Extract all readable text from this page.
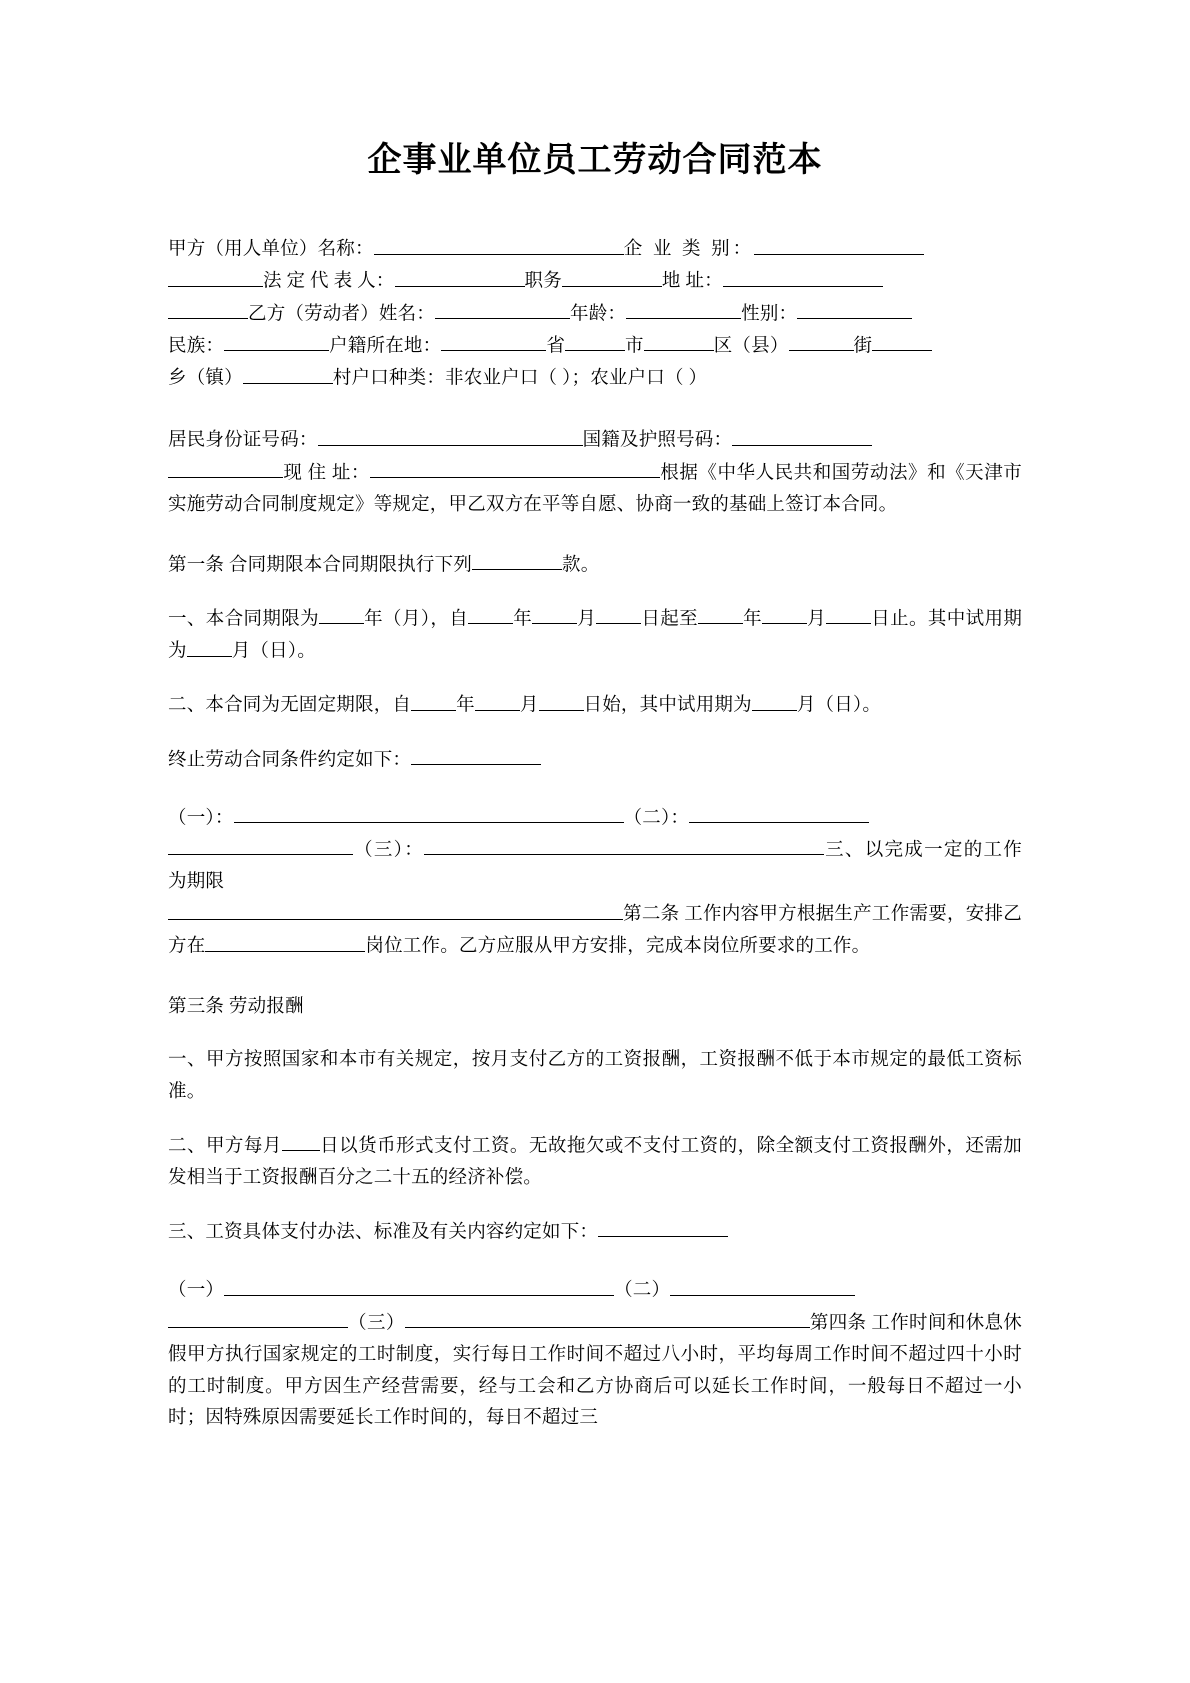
企事业单位员工劳动合同范本
甲方（用人单位）名称：	企 业 类 别：
法 定 代 表 人：	职务	地 址：
乙方（劳动者）姓名：	年龄：	性别：
民族：	户籍所在地：	省	市	区（县）	街
乡（镇）	村户口种类：非农业户口（ ）；农业户口（ ）
居民身份证号码：	国籍及护照号码：
现 住 址：	根据《中华人民共和国劳动法》和《天津市实施劳动合同制度规定》等规定，甲乙双方在平等自愿、协商一致的基础上签订本合同。
第一条 合同期限本合同期限执行下列	款。
一、本合同期限为 年（月），自 年 月 日起至 年 月 日止。其中试用期为 月（日）。
二、本合同为无固定期限，自 年 月 日始，其中试用期为 月（日）。
终止劳动合同条件约定如下：
（一）：	（二）：
（三）：	三、以完成一定的工作为期限
第二条 工作内容甲方根据生产工作需要，安排乙方在	岗位工作。乙方应服从甲方安排，完成本岗位所要求的工作。
第三条 劳动报酬
一、甲方按照国家和本市有关规定，按月支付乙方的工资报酬，工资报酬不低于本市规定的最低工资标准。
二、甲方每月 日以货币形式支付工资。无故拖欠或不支付工资的，除全额支付工资报酬外，还需加发相当于工资报酬百分之二十五的经济补偿。
三、工资具体支付办法、标准及有关内容约定如下：
（一）	（二）
（三）	第四条 工作时间和休息休假甲方执行国家规定的工时制度，实行每日工作时间不超过八小时，平均每周工作时间不超过四十小时的工时制度。甲方因生产经营需要，经与工会和乙方协商后可以延长工作时间，一般每日不超过一小时；因特殊原因需要延长工作时间的，每日不超过三
